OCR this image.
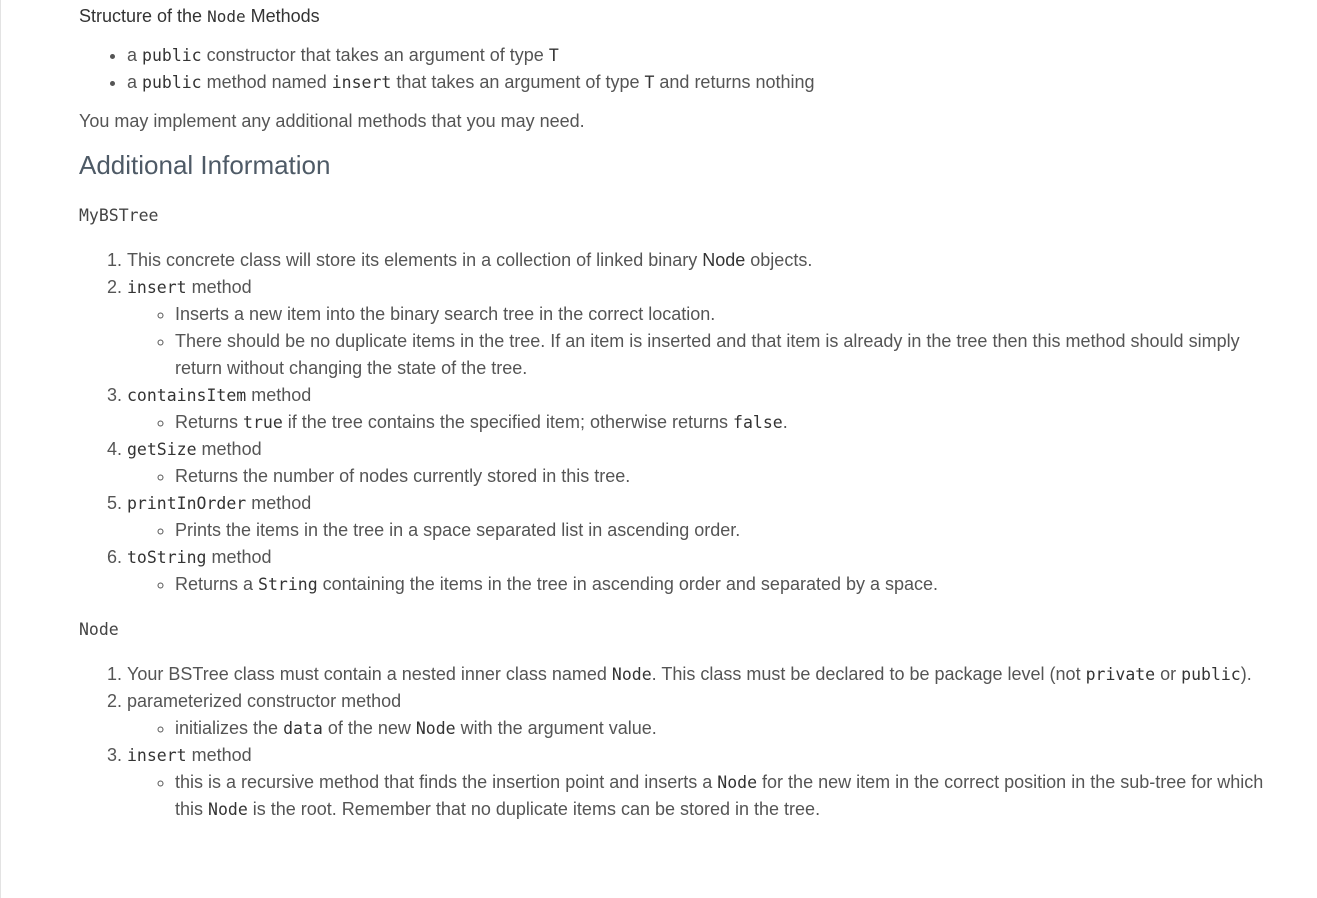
Structure of the Node Methods
• a public constructor that takes an argument of type T
• a public method named insert that takes an argument of type T and returns nothing

You may implement any additional methods that you may need.

Additional Information
MyBSTree
1. This concrete class will store its elements in a collection of linked binary Node objects.
2. insert method
◦ Inserts a new item into the binary search tree in the correct location.
◦ There should be no duplicate items in the tree. If an item is inserted and that item is already in the tree then this method should simply return without changing the state of the tree.
3. containsItem method
◦ Returns true if the tree contains the specified item; otherwise returns false.
4. getSize method
◦ Returns the number of nodes currently stored in this tree.
5. printInOrder method
◦ Prints the items in the tree in a space separated list in ascending order.
6. toString method
◦ Returns a String containing the items in the tree in ascending order and separated by a space.
Node
1. Your BSTree class must contain a nested inner class named Node. This class must be declared to be package level (not private or public).
2. parameterized constructor method
◦ initializes the data of the new Node with the argument value.
3. insert method
◦ this is a recursive method that finds the insertion point and inserts a Node for the new item in the correct position in the sub-tree for which this Node is the root. Remember that no duplicate items can be stored in the tree.
